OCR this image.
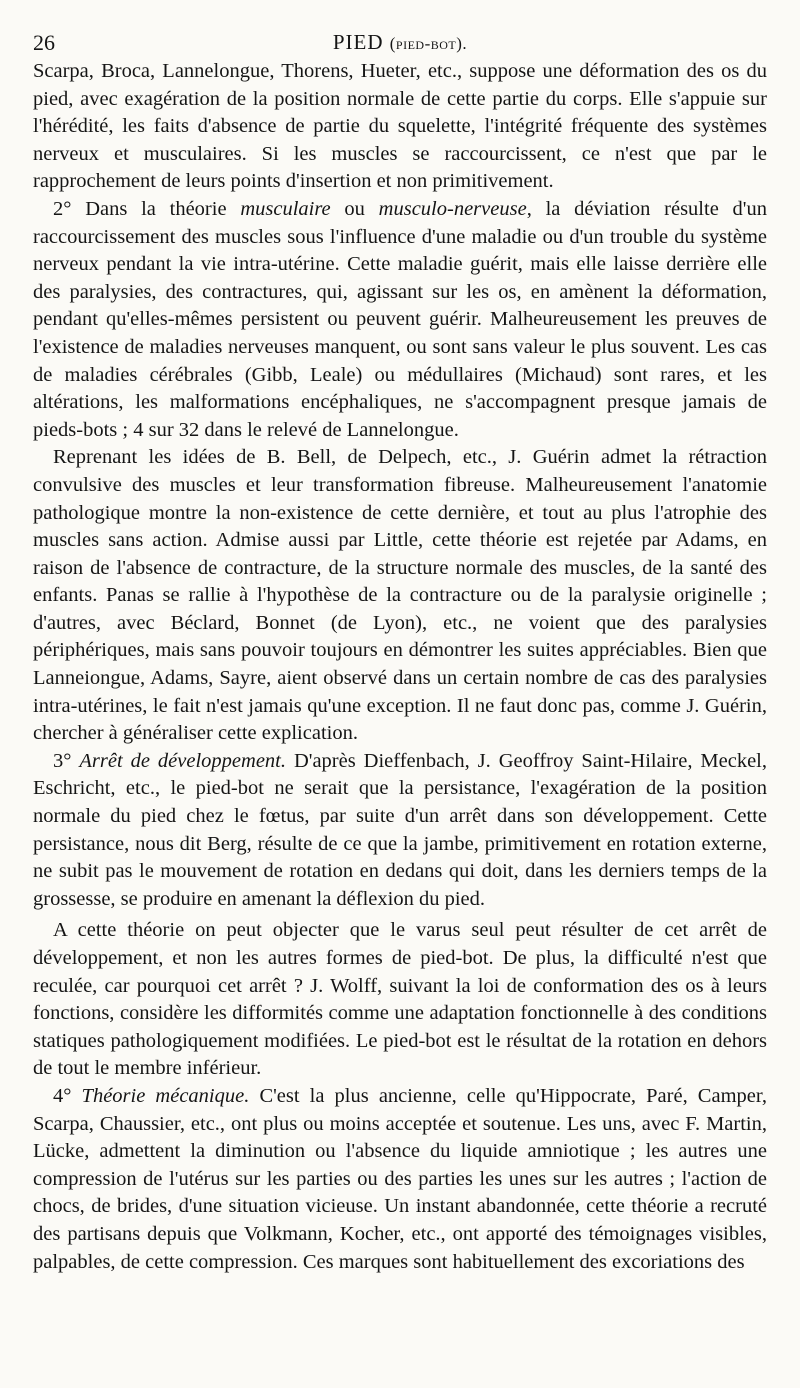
26	PIED (pied-bot).

Scarpa, Broca, Lannelongue, Thorens, Hueter, etc., suppose une déformation des os du pied, avec exagération de la position normale de cette partie du corps. Elle s'appuie sur l'hérédité, les faits d'absence de partie du squelette, l'intégrité fréquente des systèmes nerveux et musculaires. Si les muscles se raccourcissent, ce n'est que par le rapprochement de leurs points d'insertion et non primitivement.

2° Dans la théorie musculaire ou musculo-nerveuse, la déviation résulte d'un raccourcissement des muscles sous l'influence d'une maladie ou d'un trouble du système nerveux pendant la vie intra-utérine. Cette maladie guérit, mais elle laisse derrière elle des paralysies, des contractures, qui, agissant sur les os, en amènent la déformation, pendant qu'elles-mêmes persistent ou peuvent guérir. Malheureusement les preuves de l'existence de maladies nerveuses manquent, ou sont sans valeur le plus souvent. Les cas de maladies cérébrales (Gibb, Leale) ou médullaires (Michaud) sont rares, et les altérations, les malformations encéphaliques, ne s'accompagnent presque jamais de pieds-bots ; 4 sur 32 dans le relevé de Lannelongue.

Reprenant les idées de B. Bell, de Delpech, etc., J. Guérin admet la rétraction convulsive des muscles et leur transformation fibreuse. Malheureusement l'anatomie pathologique montre la non-existence de cette dernière, et tout au plus l'atrophie des muscles sans action. Admise aussi par Little, cette théorie est rejetée par Adams, en raison de l'absence de contracture, de la structure normale des muscles, de la santé des enfants. Panas se rallie à l'hypothèse de la contracture ou de la paralysie originelle ; d'autres, avec Béclard, Bonnet (de Lyon), etc., ne voient que des paralysies périphériques, mais sans pouvoir toujours en démontrer les suites appréciables. Bien que Lanneiongue, Adams, Sayre, aient observé dans un certain nombre de cas des paralysies intra-utérines, le fait n'est jamais qu'une exception. Il ne faut donc pas, comme J. Guérin, chercher à généraliser cette explication.

3° Arrêt de développement. D'après Dieffenbach, J. Geoffroy Saint-Hilaire, Meckel, Eschricht, etc., le pied-bot ne serait que la persistance, l'exagération de la position normale du pied chez le fœtus, par suite d'un arrêt dans son développement. Cette persistance, nous dit Berg, résulte de ce que la jambe, primitivement en rotation externe, ne subit pas le mouvement de rotation en dedans qui doit, dans les derniers temps de la grossesse, se produire en amenant la déflexion du pied.

A cette théorie on peut objecter que le varus seul peut résulter de cet arrêt de développement, et non les autres formes de pied-bot. De plus, la difficulté n'est que reculée, car pourquoi cet arrêt ? J. Wolff, suivant la loi de conformation des os à leurs fonctions, considère les difformités comme une adaptation fonctionnelle à des conditions statiques pathologiquement modifiées. Le pied-bot est le résultat de la rotation en dehors de tout le membre inférieur.

4° Théorie mécanique. C'est la plus ancienne, celle qu'Hippocrate, Paré, Camper, Scarpa, Chaussier, etc., ont plus ou moins acceptée et soutenue. Les uns, avec F. Martin, Lücke, admettent la diminution ou l'absence du liquide amniotique ; les autres une compression de l'utérus sur les parties ou des parties les unes sur les autres ; l'action de chocs, de brides, d'une situation vicieuse. Un instant abandonnée, cette théorie a recruté des partisans depuis que Volkmann, Kocher, etc., ont apporté des témoignages visibles, palpables, de cette compression. Ces marques sont habituellement des excoriations des
